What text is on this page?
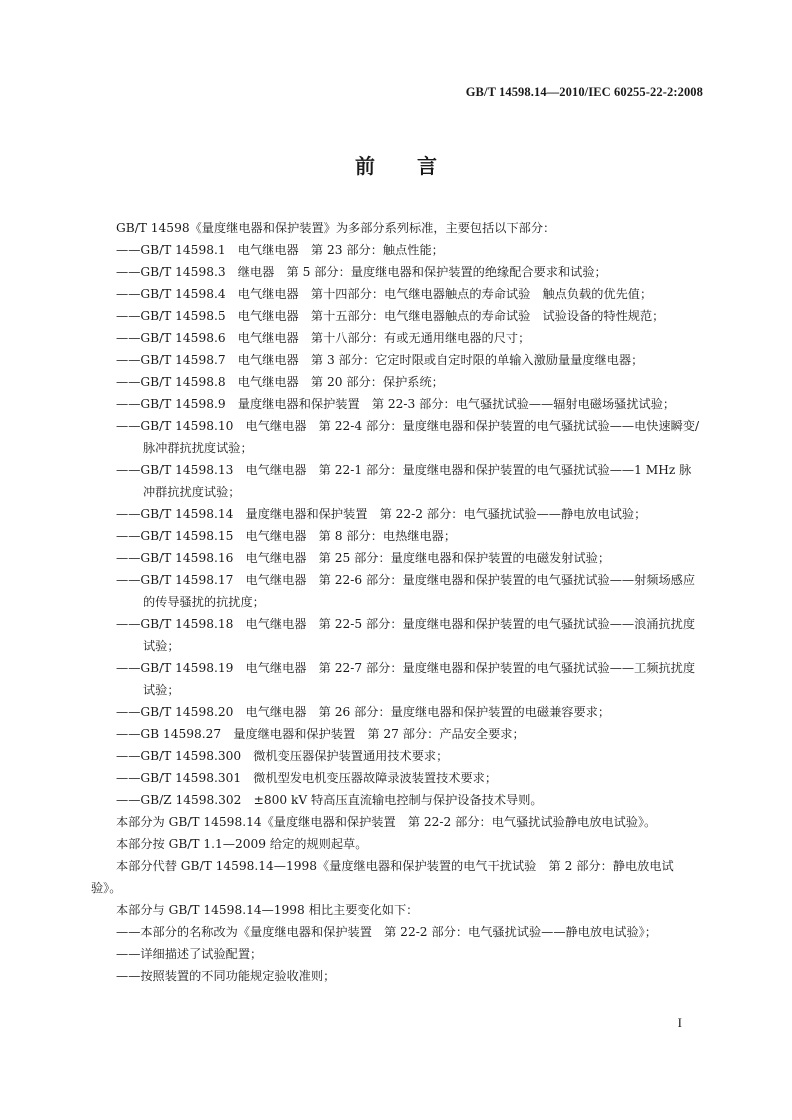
GB/T 14598.14—2010/IEC 60255-22-2:2008
前言

GB/T 14598《量度继电器和保护装置》为多部分系列标准，主要包括以下部分：

——GB/T 14598.1　电气继电器　第 23 部分：触点性能；

——GB/T 14598.3　继电器　第 5 部分：量度继电器和保护装置的绝缘配合要求和试验；

——GB/T 14598.4　电气继电器　第十四部分：电气继电器触点的寿命试验　触点负载的优先值；

——GB/T 14598.5　电气继电器　第十五部分：电气继电器触点的寿命试验　试验设备的特性规范；

——GB/T 14598.6　电气继电器　第十八部分：有或无通用继电器的尺寸；

——GB/T 14598.7　电气继电器　第 3 部分：它定时限或自定时限的单输入激励量量度继电器；

——GB/T 14598.8　电气继电器　第 20 部分：保护系统；

——GB/T 14598.9　量度继电器和保护装置　第 22-3 部分：电气骚扰试验——辐射电磁场骚扰试验；

——GB/T 14598.10　电气继电器　第 22-4 部分：量度继电器和保护装置的电气骚扰试验——电快速瞬变/脉冲群抗扰度试验；

——GB/T 14598.13　电气继电器　第 22-1 部分：量度继电器和保护装置的电气骚扰试验——1 MHz 脉冲群抗扰度试验；

——GB/T 14598.14　量度继电器和保护装置　第 22-2 部分：电气骚扰试验——静电放电试验；

——GB/T 14598.15　电气继电器　第 8 部分：电热继电器；

——GB/T 14598.16　电气继电器　第 25 部分：量度继电器和保护装置的电磁发射试验；

——GB/T 14598.17　电气继电器　第 22-6 部分：量度继电器和保护装置的电气骚扰试验——射频场感应的传导骚扰的抗扰度；

——GB/T 14598.18　电气继电器　第 22-5 部分：量度继电器和保护装置的电气骚扰试验——浪涌抗扰度试验；

——GB/T 14598.19　电气继电器　第 22-7 部分：量度继电器和保护装置的电气骚扰试验——工频抗扰度试验；

——GB/T 14598.20　电气继电器　第 26 部分：量度继电器和保护装置的电磁兼容要求；

——GB 14598.27　量度继电器和保护装置　第 27 部分：产品安全要求；

——GB/T 14598.300　微机变压器保护装置通用技术要求；

——GB/T 14598.301　微机型发电机变压器故障录波装置技术要求；

——GB/Z 14598.302　±800 kV 特高压直流输电控制与保护设备技术导则。

本部分为 GB/T 14598.14《量度继电器和保护装置　第 22-2 部分：电气骚扰试验静电放电试验》。

本部分按 GB/T 1.1—2009 给定的规则起草。

本部分代替 GB/T 14598.14—1998《量度继电器和保护装置的电气干扰试验　第 2 部分：静电放电试验》。

本部分与 GB/T 14598.14—1998 相比主要变化如下：

——本部分的名称改为《量度继电器和保护装置　第 22-2 部分：电气骚扰试验——静电放电试验》；

——详细描述了试验配置；

——按照装置的不同功能规定验收准则；

I
